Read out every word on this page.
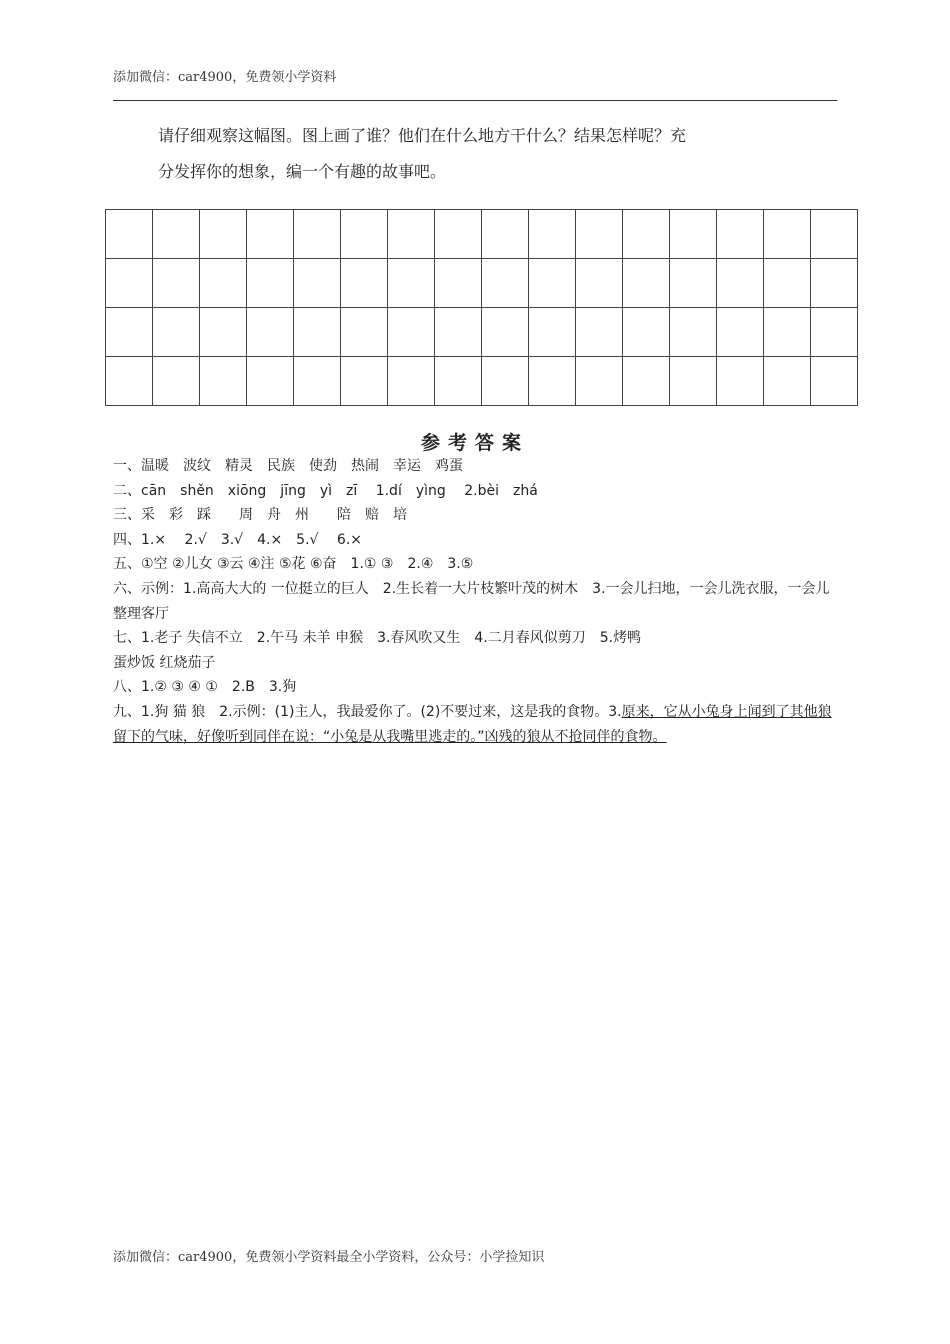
添加微信：car4900，免费领小学资料
请仔细观察这幅图。图上画了谁？他们在什么地方干什么？结果怎样呢？充
分发挥你的想象，编一个有趣的故事吧。

参考答案
一、温暖　波纹　精灵　民族　使劲　热闹　幸运　鸡蛋
二、cān　shěn　xiōng　jīng　yì　zī　 1.dí　yìng　 2.bèi　zhá
三、采　彩　踩　　周　舟　州　　陪　赔　培
四、1.×　 2.√　3.√　4.×　5.√　 6.×
五、①空 ②儿女 ③云 ④注 ⑤花 ⑥奋　1.① ③　2.④　3.⑤
六、示例：1.高高大大的 一位挺立的巨人　2.生长着一大片枝繁叶茂的树木　3.一会儿扫地，一会儿洗衣服，一会儿整理客厅
七、1.老子 失信不立　2.午马 未羊 申猴　3.春风吹又生　4.二月春风似剪刀　5.烤鸭
蛋炒饭 红烧茄子
八、1.② ③ ④ ①　2.B　3.狗
九、1.狗 猫 狼　2.示例：(1)主人，我最爱你了。(2)不要过来，这是我的食物。3.原来，它从小兔身上闻到了其他狼留下的气味，好像听到同伴在说：“小兔是从我嘴里逃走的。”凶残的狼从不抢同伴的食物。
添加微信：car4900，免费领小学资料最全小学资料，公众号：小学捡知识
